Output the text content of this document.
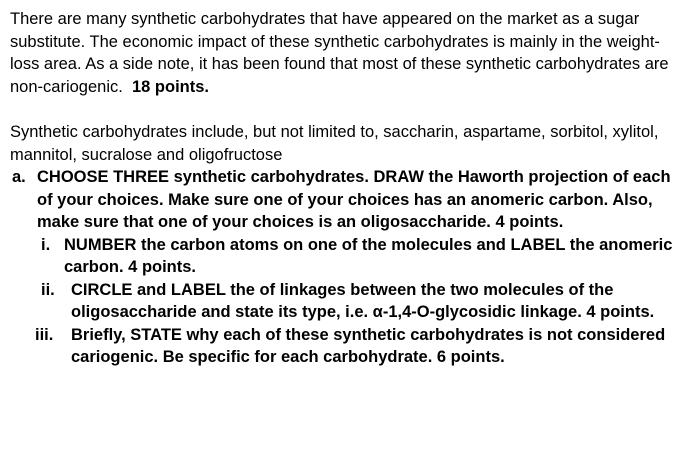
There are many synthetic carbohydrates that have appeared on the market as a sugar substitute. The economic impact of these synthetic carbohydrates is mainly in the weight-loss area. As a side note, it has been found that most of these synthetic carbohydrates are non-cariogenic. 18 points.

Synthetic carbohydrates include, but not limited to, saccharin, aspartame, sorbitol, xylitol, mannitol, sucralose and oligofructose

a. CHOOSE THREE synthetic carbohydrates. DRAW the Haworth projection of each of your choices. Make sure one of your choices has an anomeric carbon. Also, make sure that one of your choices is an oligosaccharide. 4 points.
i. NUMBER the carbon atoms on one of the molecules and LABEL the anomeric carbon. 4 points.
ii. CIRCLE and LABEL the of linkages between the two molecules of the oligosaccharide and state its type, i.e. α-1,4-O-glycosidic linkage. 4 points.
iii. Briefly, STATE why each of these synthetic carbohydrates is not considered cariogenic. Be specific for each carbohydrate. 6 points.
